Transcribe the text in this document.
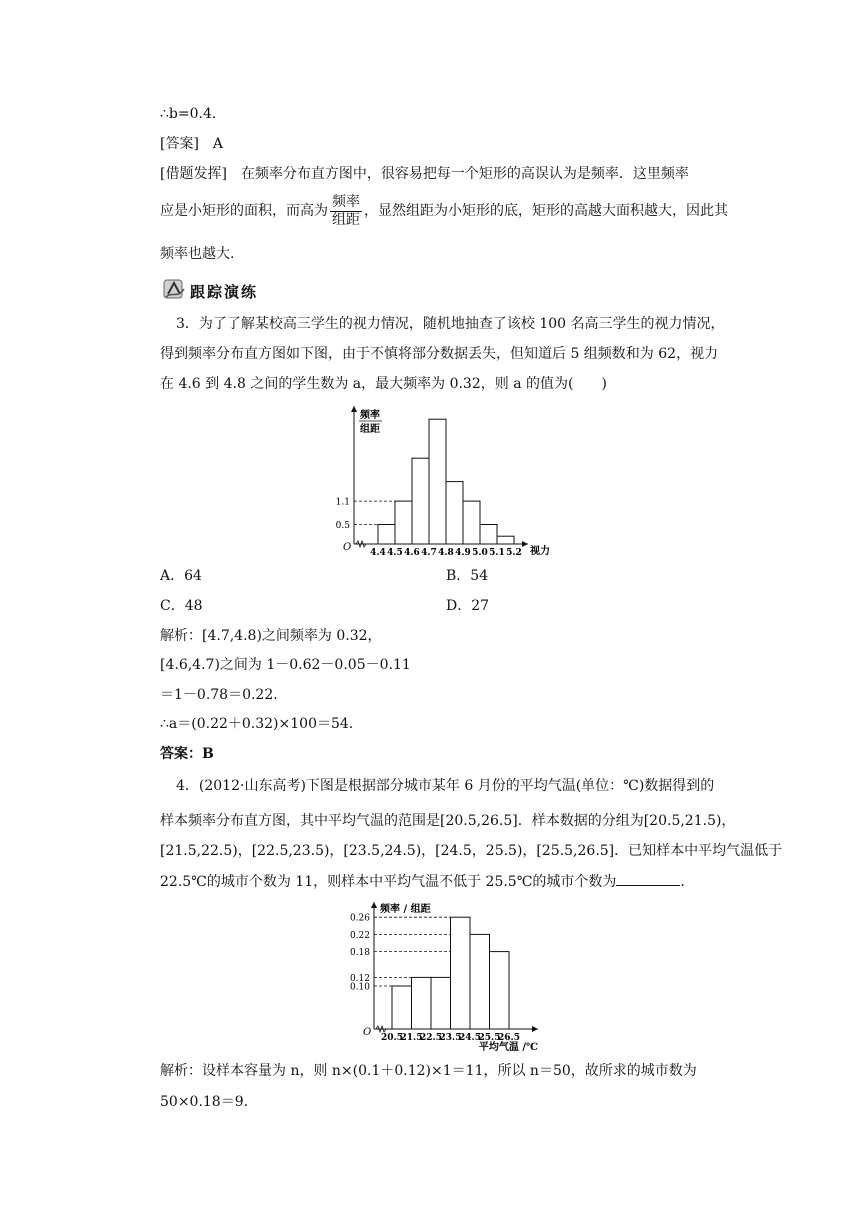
∴b=0.4.
[答案]　A
[借题发挥]　在频率分布直方图中，很容易把每一个矩形的高误认为是频率．这里频率
应是小矩形的面积，而高为 $\frac{\text{频率}}{\text{组距}}$ ，显然组距为小矩形的底，矩形的高越大面积越大，因此其
频率也越大.
跟踪演练
3．为了了解某校高三学生的视力情况，随机地抽查了该校 100 名高三学生的视力情况，
得到频率分布直方图如下图，由于不慎将部分数据丢失，但知道后 5 组频数和为 62，视力
在 4.6 到 4.8 之间的学生数为 a，最大频率为 0.32，则 a 的值为(　　)
O
0.5
1.1
4.4 4.5 4.6 4.7 4.8 4.9 5.0 5.1 5.2 视力
频率
组距
A．64	B．54
C．48	D．27
解析：[4.7,4.8)之间频率为 0.32，
[4.6,4.7)之间为 1－0.62－0.05－0.11
＝1－0.78＝0.22.
∴a＝(0.22＋0.32)×100＝54.
答案：B
4．(2012·山东高考)下图是根据部分城市某年 6 月份的平均气温(单位：℃)数据得到的
样本频率分布直方图，其中平均气温的范围是[20.5,26.5]．样本数据的分组为[20.5,21.5)，
[21.5,22.5)，[22.5,23.5)，[23.5,24.5)，[24.5，25.5)，[25.5,26.5]．已知样本中平均气温低于
22.5℃的城市个数为 11，则样本中平均气温不低于 25.5℃的城市个数为	.
O
0.10
0.12
0.18
0.22
0.26
20.5
21.5
22.5
23.5
24.5
25.5
26.5
平均气温 /℃
频率 / 组距
解析：设样本容量为 n，则 n×(0.1＋0.12)×1＝11，所以 n＝50，故所求的城市数为
50×0.18＝9.
